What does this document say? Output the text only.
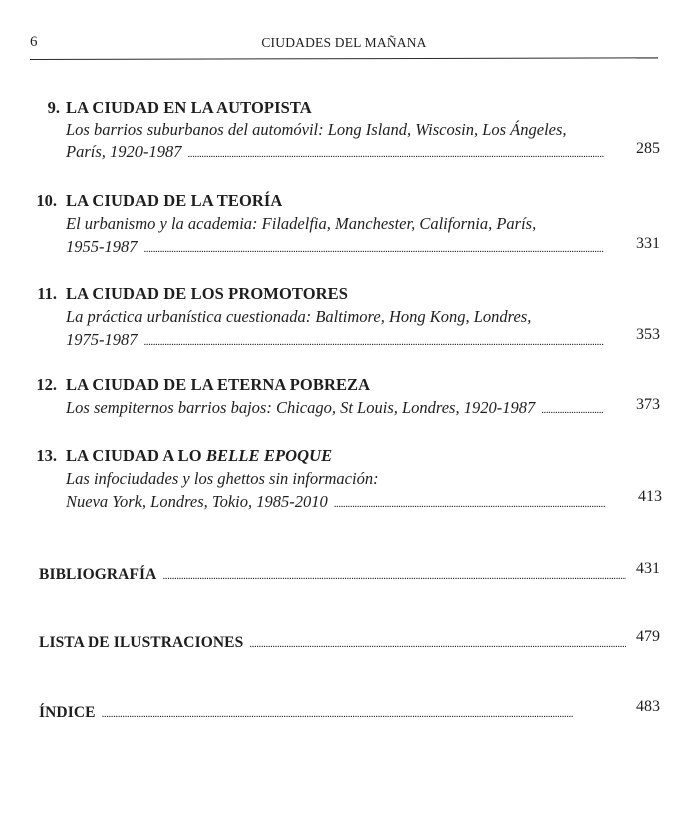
6	CIUDADES DEL MAÑANA
9. LA CIUDAD EN LA AUTOPISTA
Los barrios suburbanos del automóvil: Long Island, Wiscosin, Los Ángeles,
París, 1920-1987 . . .	285
10. LA CIUDAD DE LA TEORÍA
El urbanismo y la academia: Filadelfia, Manchester, California, París,
1955-1987 . . .	331
11. LA CIUDAD DE LOS PROMOTORES
La práctica urbanística cuestionada: Baltimore, Hong Kong, Londres,
1975-1987 . . .	353
12. LA CIUDAD DE LA ETERNA POBREZA
Los sempiternos barrios bajos: Chicago, St Louis, Londres, 1920-1987 . . .	373
13. LA CIUDAD A LO BELLE EPOQUE
Las infociudades y los ghettos sin información:
Nueva York, Londres, Tokio, 1985-2010 . . .	413
BIBLIOGRAFÍA . . .	431
LISTA DE ILUSTRACIONES . . .	479
ÍNDICE . . .	483
